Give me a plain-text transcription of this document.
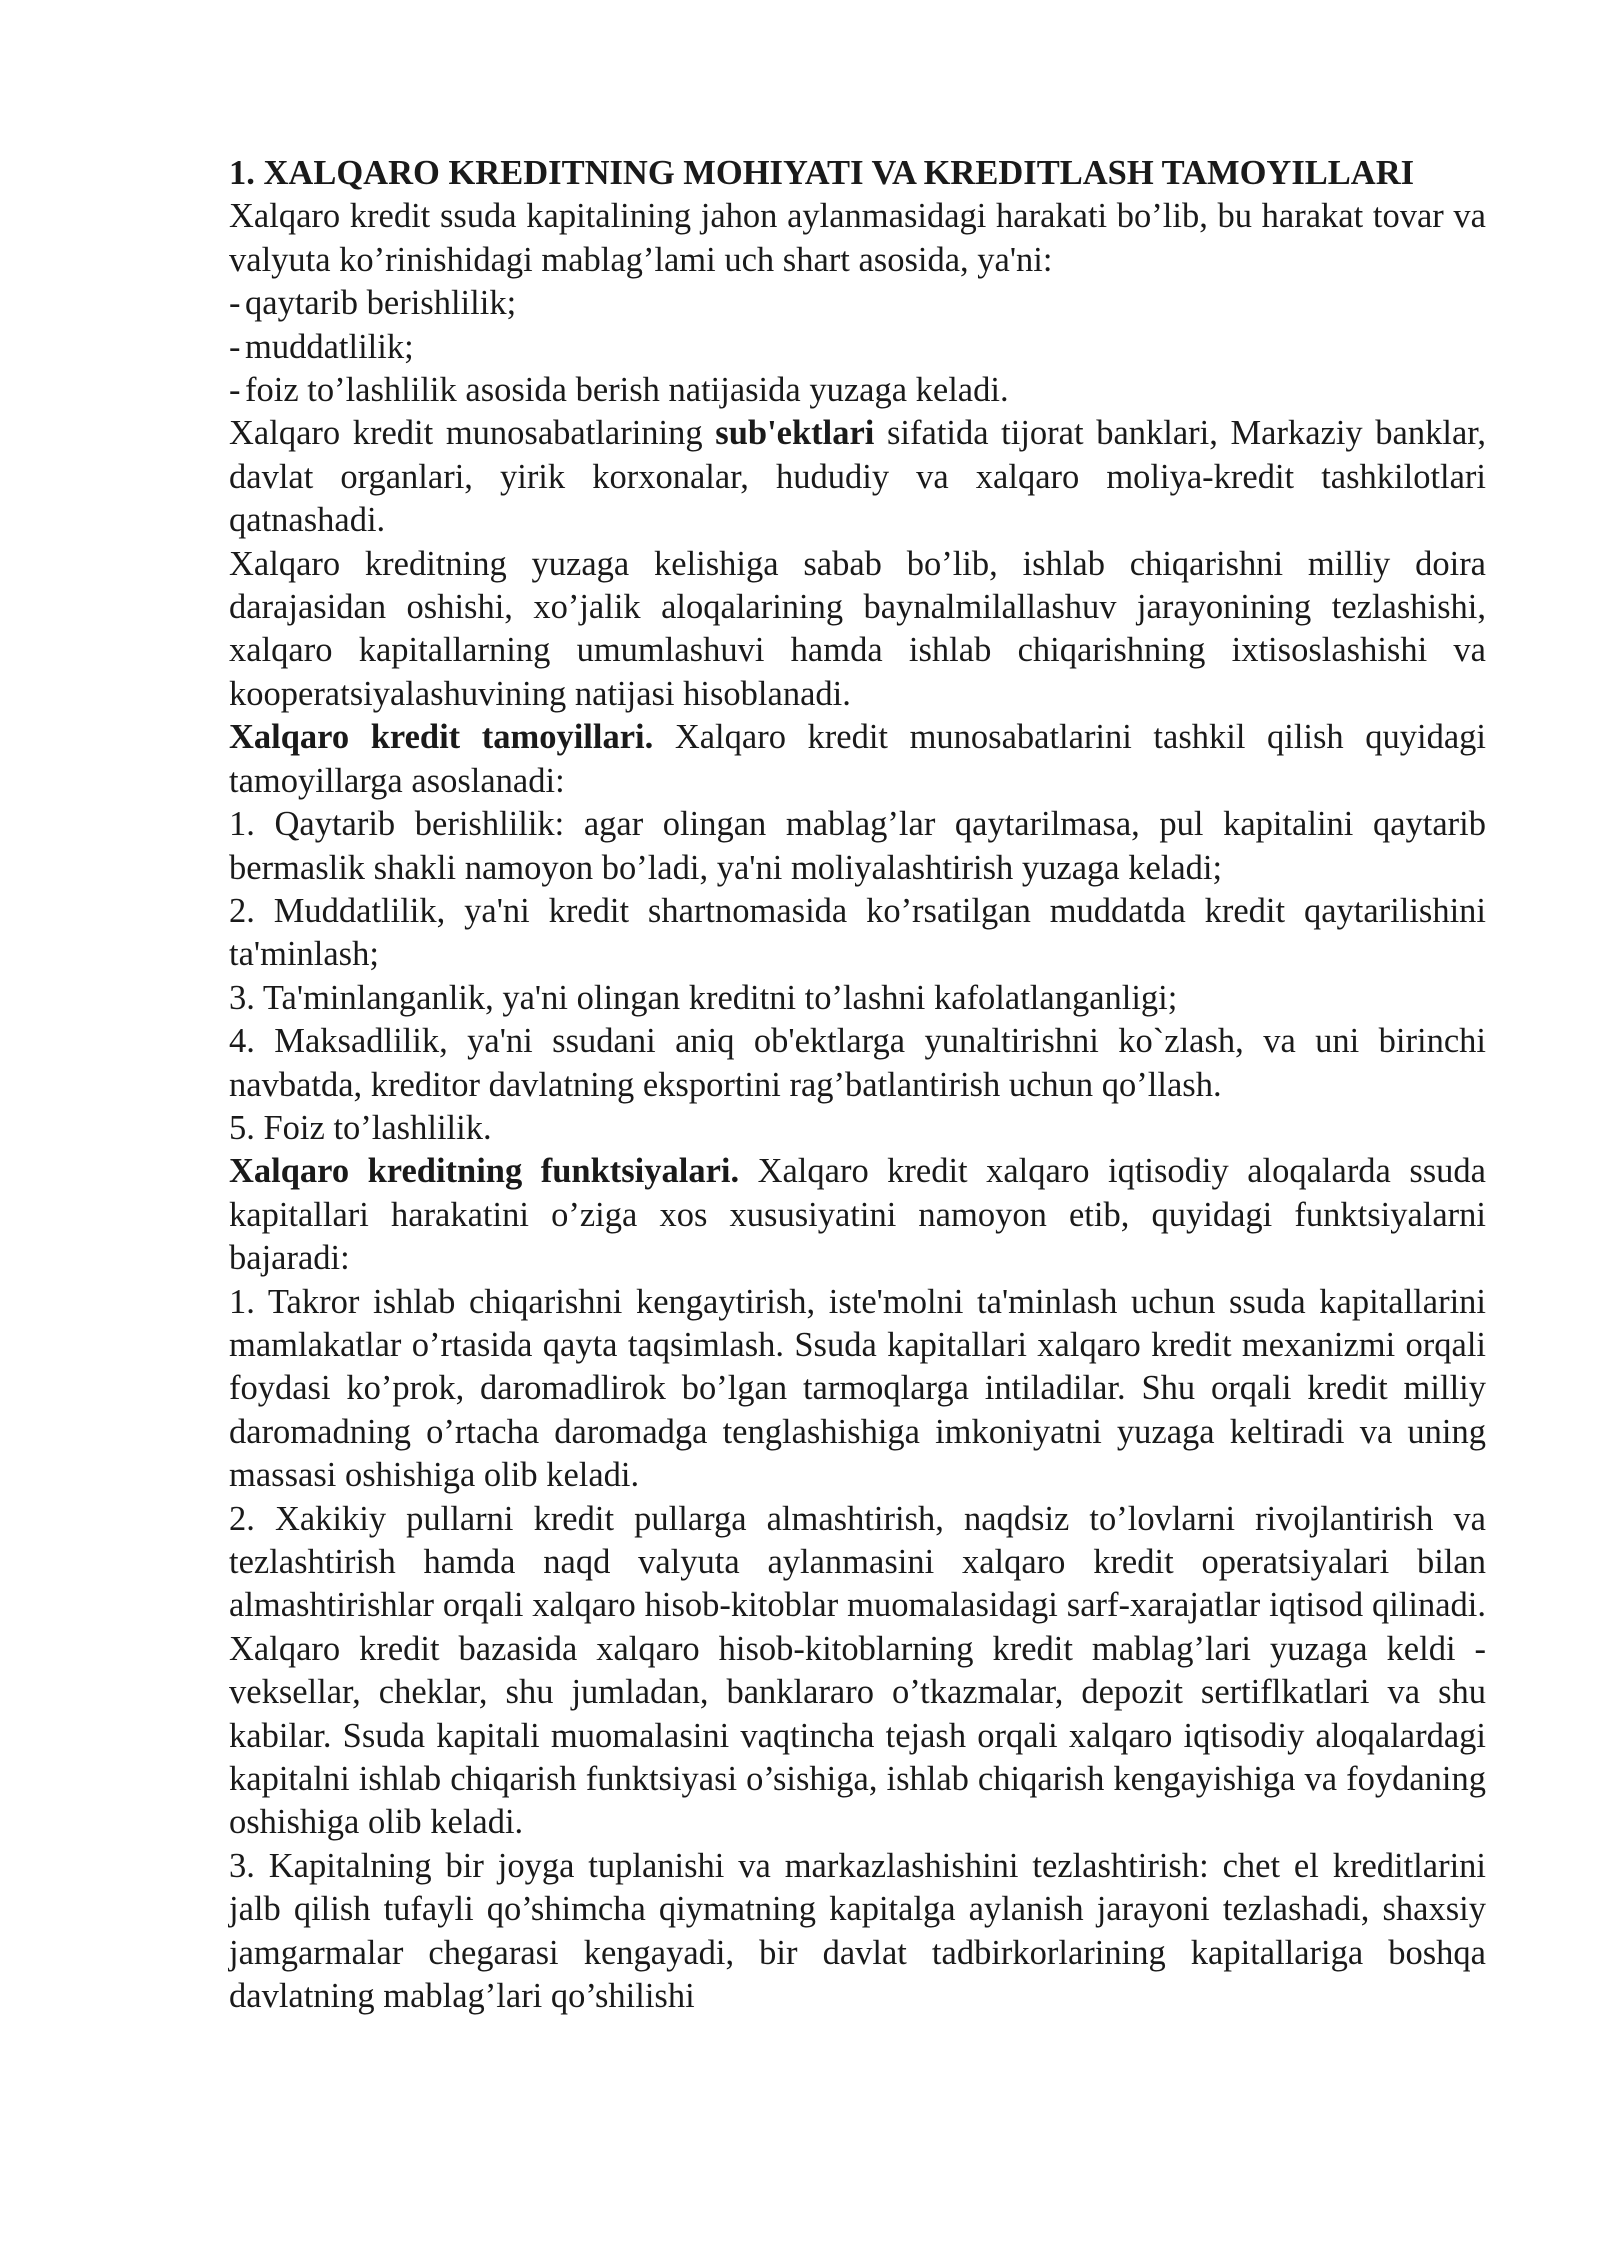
1. XALQARO KREDITNING MOHIYATI VA KREDITLASH TAMOYILLARI

Xalqaro kredit ssuda kapitalining jahon aylanmasidagi harakati bo’lib, bu harakat tovar va valyuta ko’rinishidagi mablag’lami uch shart asosida, ya'ni:

- qaytarib berishlilik;
- muddatlilik;
- foiz to’lashlilik asosida berish natijasida yuzaga keladi.

Xalqaro kredit munosabatlarining sub'ektlari sifatida tijorat banklari, Markaziy banklar, davlat organlari, yirik korxonalar, hududiy va xalqaro moliya-kredit tashkilotlari qatnashadi.

Xalqaro kreditning yuzaga kelishiga sabab bo’lib, ishlab chiqarishni milliy doira darajasidan oshishi, xo’jalik aloqalarining baynalmilallashuv jarayonining tezlashishi, xalqaro kapitallarning umumlashuvi hamda ishlab chiqarishning ixtisoslashishi va kooperatsiyalashuvining natijasi hisoblanadi.

Xalqaro kredit tamoyillari. Xalqaro kredit munosabatlarini tashkil qilish quyidagi tamoyillarga asoslanadi:

1. Qaytarib berishlilik: agar olingan mablag’lar qaytarilmasa, pul kapitalini qaytarib bermaslik shakli namoyon bo’ladi, ya'ni moliyalashtirish yuzaga keladi;

2. Muddatlilik, ya'ni kredit shartnomasida ko’rsatilgan muddatda kredit qaytarilishini ta'minlash;

3. Ta'minlanganlik, ya'ni olingan kreditni to’lashni kafolatlanganligi;

4. Maksadlilik, ya'ni ssudani aniq ob'ektlarga yunaltirishni ko`zlash, va uni birinchi navbatda, kreditor davlatning eksportini rag’batlantirish uchun qo’llash.

5. Foiz to’lashlilik.

Xalqaro kreditning funktsiyalari. Xalqaro kredit xalqaro iqtisodiy aloqalarda ssuda kapitallari harakatini o’ziga xos xususiyatini namoyon etib, quyidagi funktsiyalarni bajaradi:

1. Takror ishlab chiqarishni kengaytirish, iste'molni ta'minlash uchun ssuda kapitallarini mamlakatlar o’rtasida qayta taqsimlash. Ssuda kapitallari xalqaro kredit mexanizmi orqali foydasi ko’prok, daromadlirok bo’lgan tarmoqlarga intiladilar. Shu orqali kredit milliy daromadning o’rtacha daromadga tenglashishiga imkoniyatni yuzaga keltiradi va uning massasi oshishiga olib keladi.

2. Xakikiy pullarni kredit pullarga almashtirish, naqdsiz to’lovlarni rivojlantirish va tezlashtirish hamda naqd valyuta aylanmasini xalqaro kredit operatsiyalari bilan almashtirishlar orqali xalqaro hisob-kitoblar muomalasidagi sarf-xarajatlar iqtisod qilinadi. Xalqaro kredit bazasida xalqaro hisob-kitoblarning kredit mablag’lari yuzaga keldi - veksellar, cheklar, shu jumladan, banklararo o’tkazmalar, depozit sertiflkatlari va shu kabilar. Ssuda kapitali muomalasini vaqtincha tejash orqali xalqaro iqtisodiy aloqalardagi kapitalni ishlab chiqarish funktsiyasi o’sishiga, ishlab chiqarish kengayishiga va foydaning oshishiga olib keladi.

3. Kapitalning bir joyga tuplanishi va markazlashishini tezlashtirish: chet el kreditlarini jalb qilish tufayli qo’shimcha qiymatning kapitalga aylanish jarayoni tezlashadi, shaxsiy jamgarmalar chegarasi kengayadi, bir davlat tadbirkorlarining kapitallariga boshqa davlatning mablag’lari qo’shilishi
